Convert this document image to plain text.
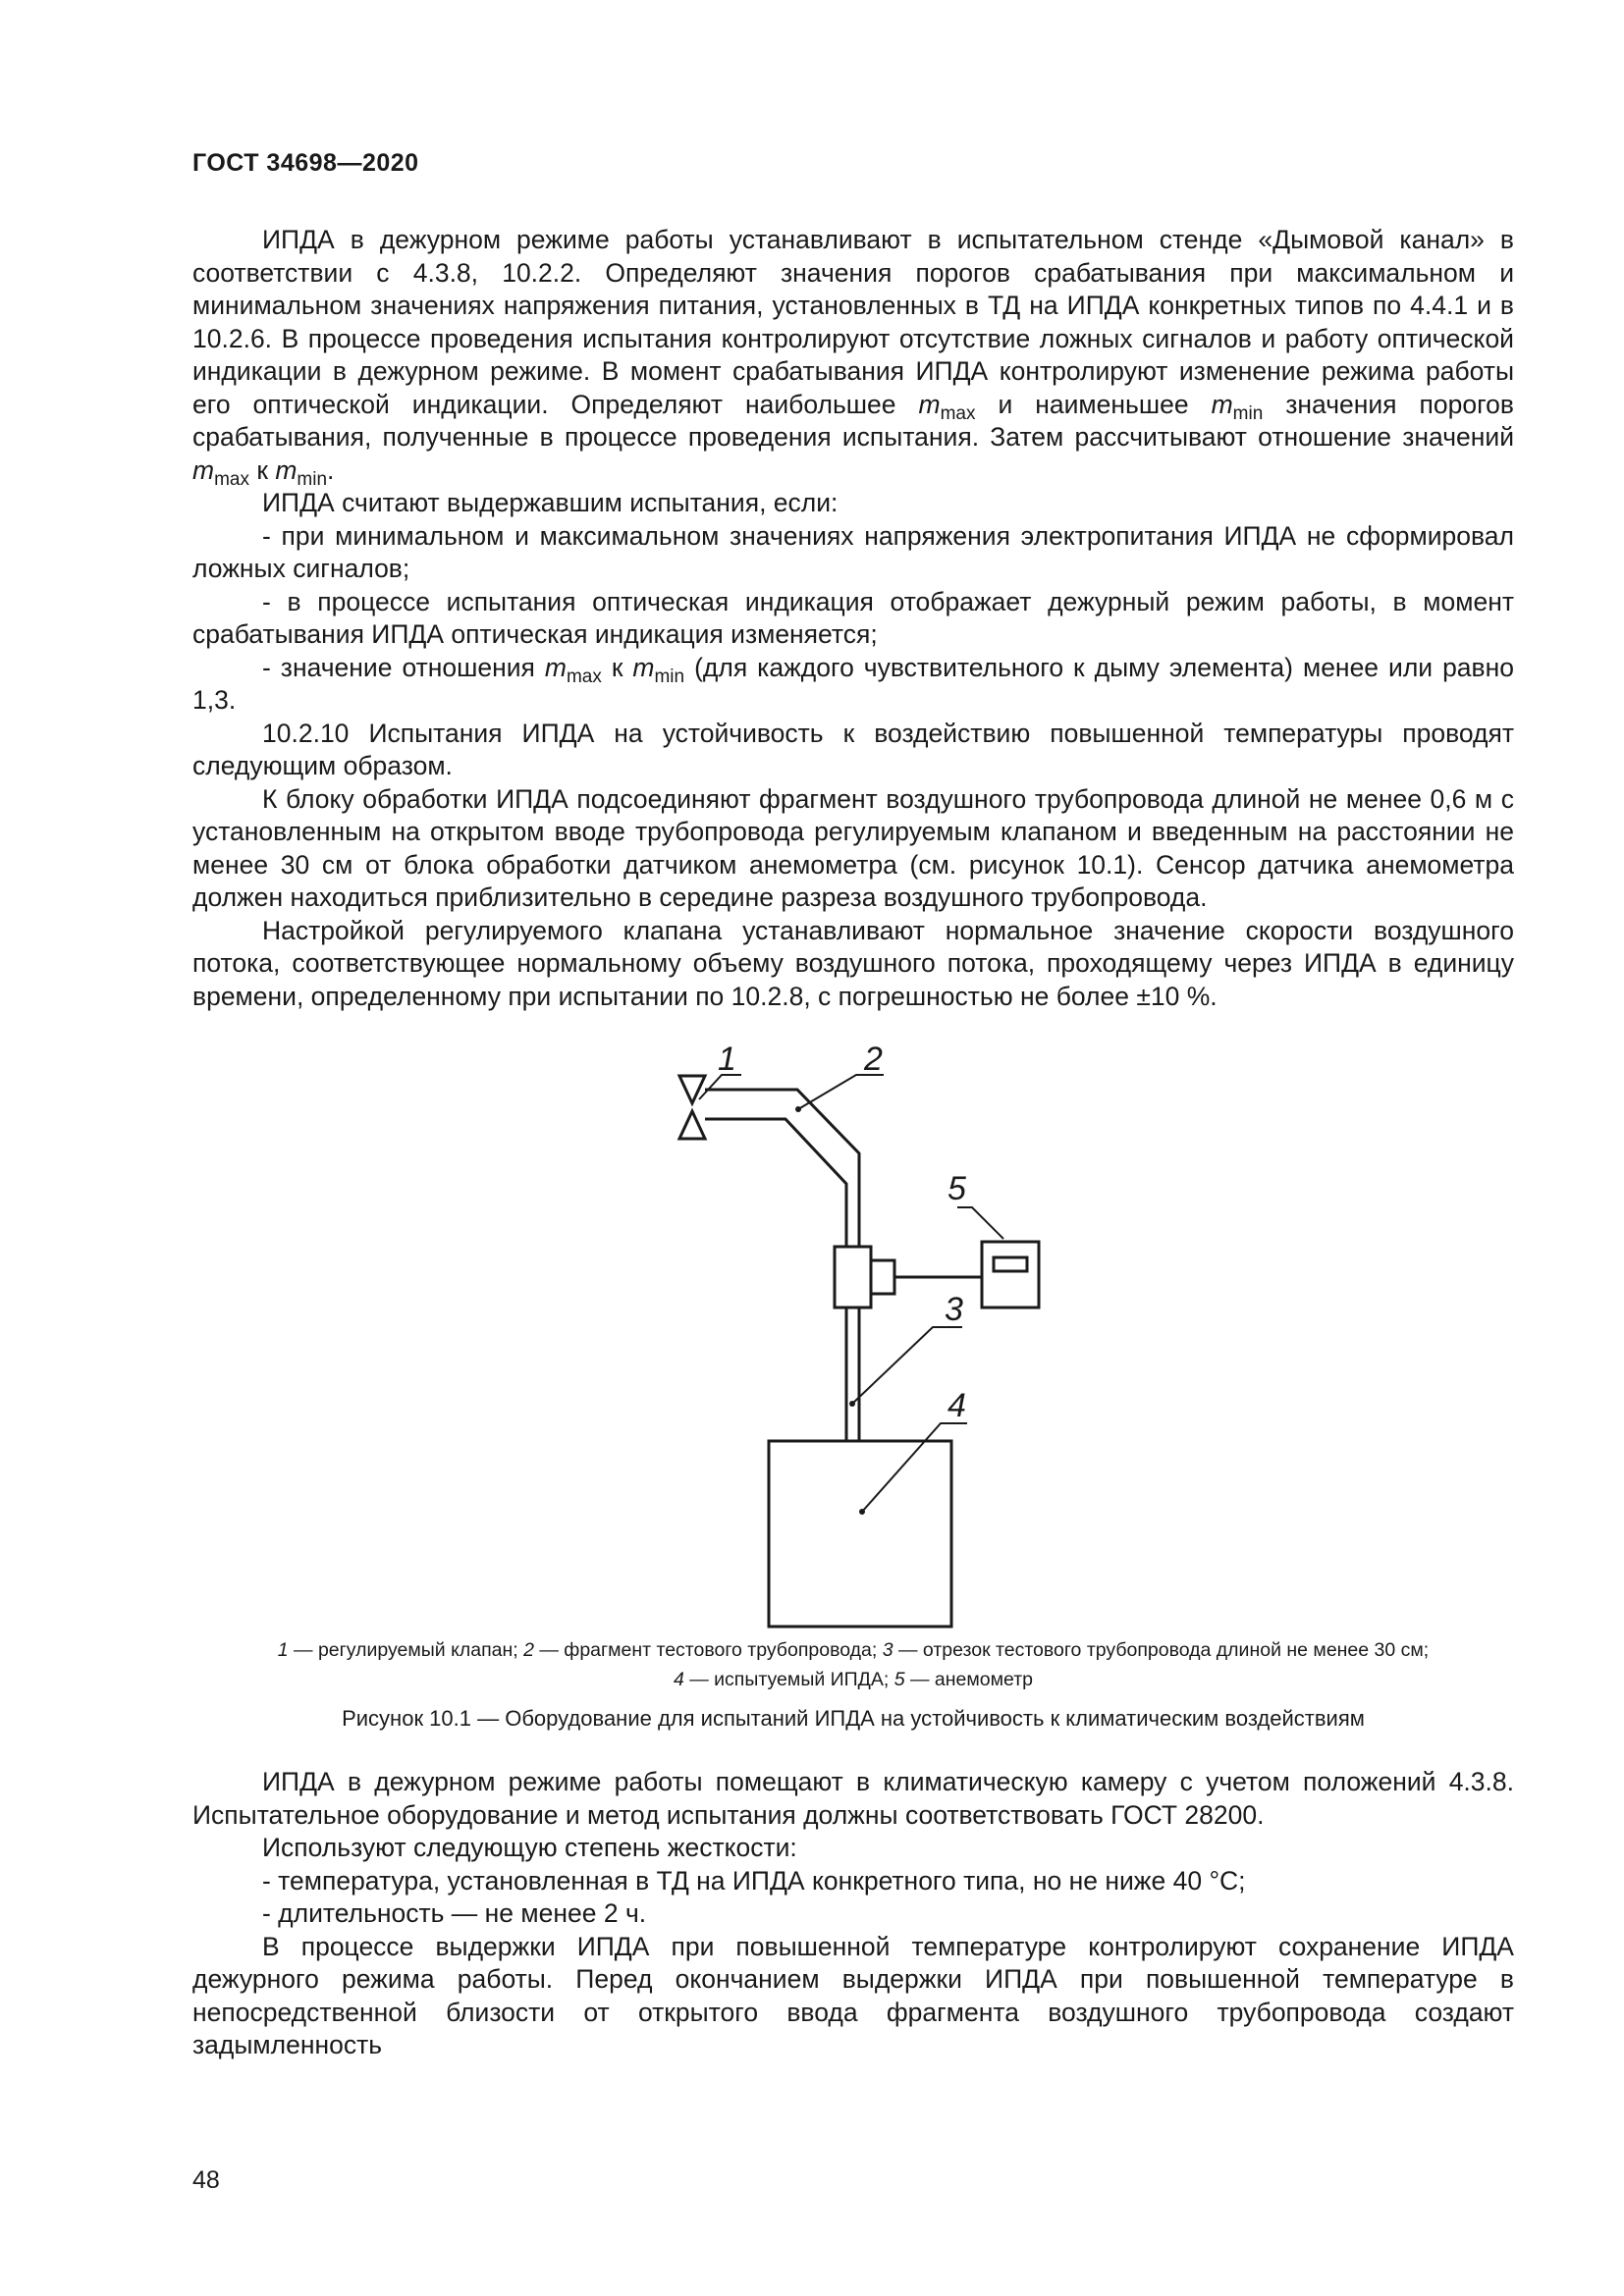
ГОСТ 34698—2020

ИПДА в дежурном режиме работы устанавливают в испытательном стенде «Дымовой канал» в соответствии с 4.3.8, 10.2.2. Определяют значения порогов срабатывания при максимальном и минимальном значениях напряжения питания, установленных в ТД на ИПДА конкретных типов по 4.4.1 и в 10.2.6. В процессе проведения испытания контролируют отсутствие ложных сигналов и работу оптической индикации в дежурном режиме. В момент срабатывания ИПДА контролируют изменение режима работы его оптической индикации. Определяют наибольшее $m_{max}$ и наименьшее $m_{min}$ значения порогов срабатывания, полученные в процессе проведения испытания. Затем рассчитывают отношение значений $m_{max}$ к $m_{min}$.

ИПДА считают выдержавшим испытания, если:

- при минимальном и максимальном значениях напряжения электропитания ИПДА не сформировал ложных сигналов;

- в процессе испытания оптическая индикация отображает дежурный режим работы, в момент срабатывания ИПДА оптическая индикация изменяется;

- значение отношения $m_{max}$ к $m_{min}$ (для каждого чувствительного к дыму элемента) менее или равно 1,3.

10.2.10 Испытания ИПДА на устойчивость к воздействию повышенной температуры проводят следующим образом.

К блоку обработки ИПДА подсоединяют фрагмент воздушного трубопровода длиной не менее 0,6 м с установленным на открытом вводе трубопровода регулируемым клапаном и введенным на расстоянии не менее 30 см от блока обработки датчиком анемометра (см. рисунок 10.1). Сенсор датчика анемометра должен находиться приблизительно в середине разреза воздушного трубопровода.

Настройкой регулируемого клапана устанавливают нормальное значение скорости воздушного потока, соответствующее нормальному объему воздушного потока, проходящему через ИПДА в единицу времени, определенному при испытании по 10.2.8, с погрешностью не более ±10 %.

1	2
5
3
4
1 — регулируемый клапан; 2 — фрагмент тестового трубопровода; 3 — отрезок тестового трубопровода длиной не менее 30 см;
4 — испытуемый ИПДА; 5 — анемометр
Рисунок 10.1 — Оборудование для испытаний ИПДА на устойчивость к климатическим воздействиям

ИПДА в дежурном режиме работы помещают в климатическую камеру с учетом положений 4.3.8. Испытательное оборудование и метод испытания должны соответствовать ГОСТ 28200.

Используют следующую степень жесткости:

- температура, установленная в ТД на ИПДА конкретного типа, но не ниже 40 °C;

- длительность — не менее 2 ч.

В процессе выдержки ИПДА при повышенной температуре контролируют сохранение ИПДА дежурного режима работы. Перед окончанием выдержки ИПДА при повышенной температуре в непосредственной близости от открытого ввода фрагмента воздушного трубопровода создают задымленность

48
